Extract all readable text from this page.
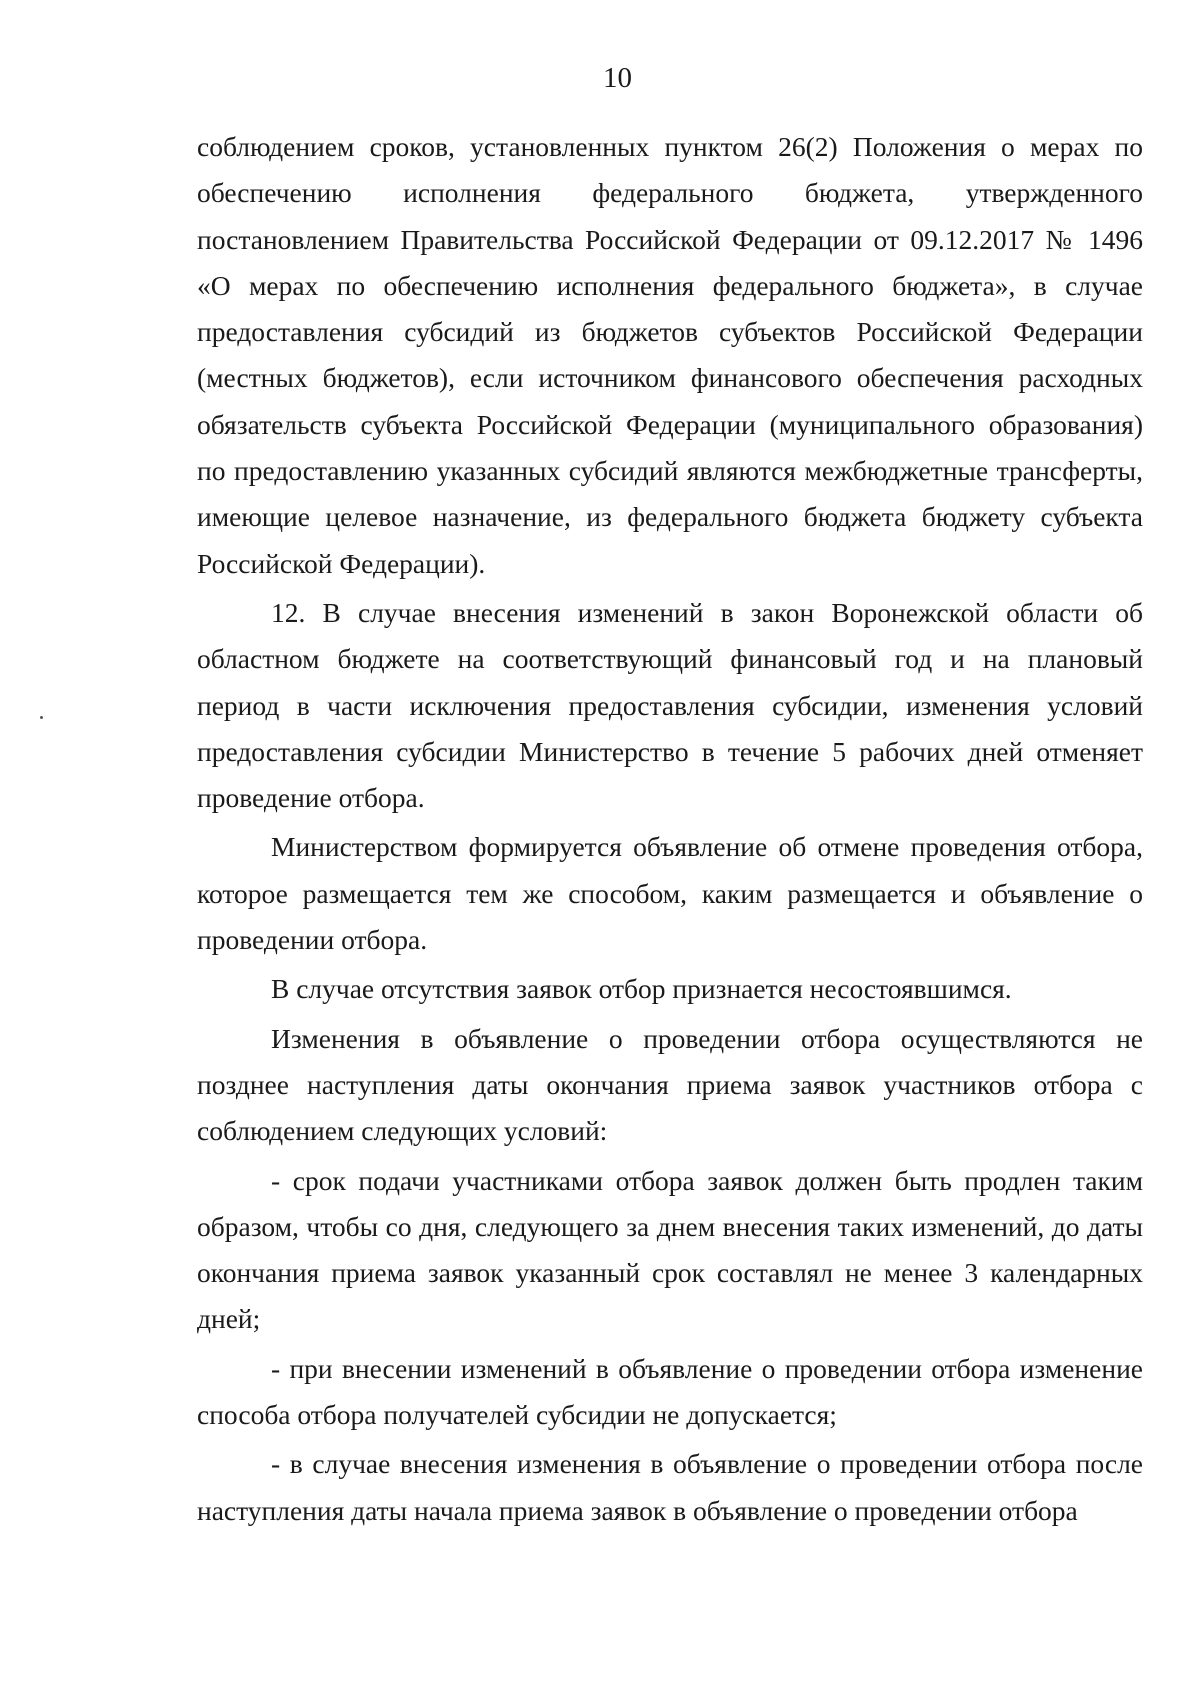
10

соблюдением сроков, установленных пунктом 26(2) Положения о мерах по обеспечению исполнения федерального бюджета, утвержденного постановлением Правительства Российской Федерации от 09.12.2017 № 1496 «О мерах по обеспечению исполнения федерального бюджета», в случае предоставления субсидий из бюджетов субъектов Российской Федерации (местных бюджетов), если источником финансового обеспечения расходных обязательств субъекта Российской Федерации (муниципального образования) по предоставлению указанных субсидий являются межбюджетные трансферты, имеющие целевое назначение, из федерального бюджета бюджету субъекта Российской Федерации).

12. В случае внесения изменений в закон Воронежской области об областном бюджете на соответствующий финансовый год и на плановый период в части исключения предоставления субсидии, изменения условий предоставления субсидии Министерство в течение 5 рабочих дней отменяет проведение отбора.

Министерством формируется объявление об отмене проведения отбора, которое размещается тем же способом, каким размещается и объявление о проведении отбора.

В случае отсутствия заявок отбор признается несостоявшимся.

Изменения в объявление о проведении отбора осуществляются не позднее наступления даты окончания приема заявок участников отбора с соблюдением следующих условий:

- срок подачи участниками отбора заявок должен быть продлен таким образом, чтобы со дня, следующего за днем внесения таких изменений, до даты окончания приема заявок указанный срок составлял не менее 3 календарных дней;

- при внесении изменений в объявление о проведении отбора изменение способа отбора получателей субсидии не допускается;

- в случае внесения изменения в объявление о проведении отбора после наступления даты начала приема заявок в объявление о проведении отбора
